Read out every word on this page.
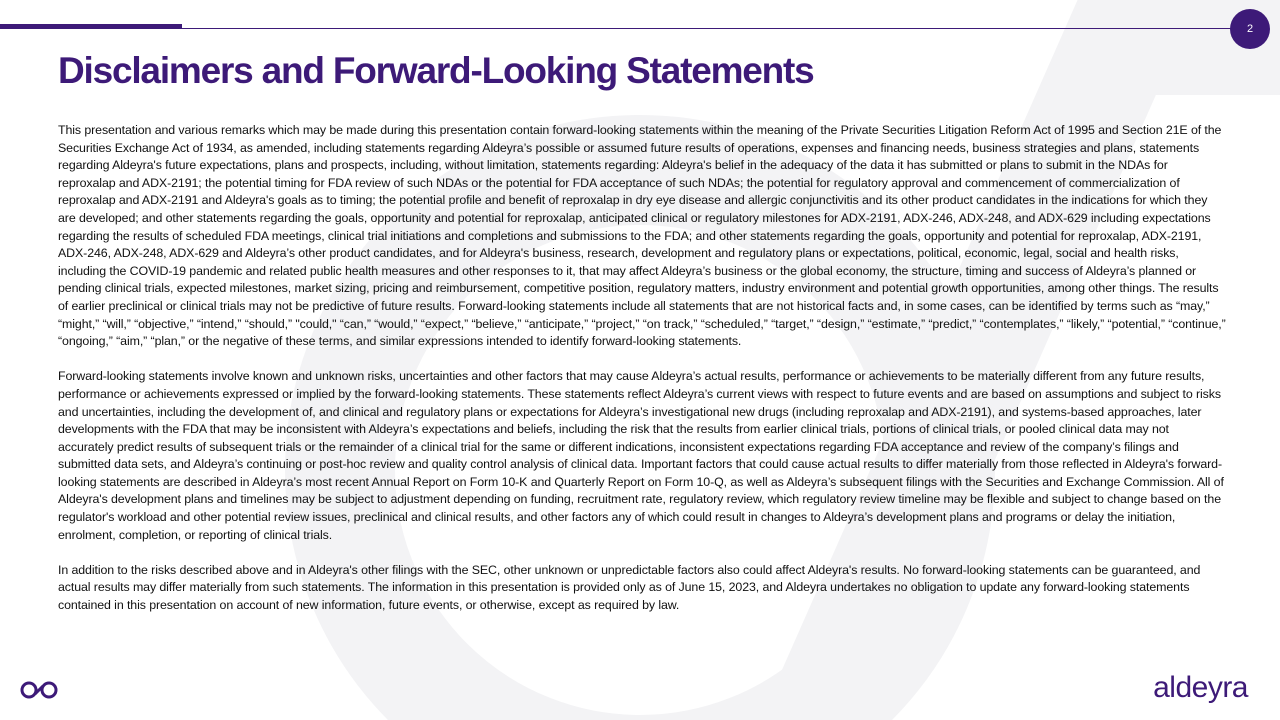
2
Disclaimers and Forward-Looking Statements

This presentation and various remarks which may be made during this presentation contain forward-looking statements within the meaning of the Private Securities Litigation Reform Act of 1995 and Section 21E of the Securities Exchange Act of 1934, as amended, including statements regarding Aldeyra’s possible or assumed future results of operations, expenses and financing needs, business strategies and plans, statements regarding Aldeyra's future expectations, plans and prospects, including, without limitation, statements regarding: Aldeyra's belief in the adequacy of the data it has submitted or plans to submit in the NDAs for reproxalap and ADX-2191; the potential timing for FDA review of such NDAs or the potential for FDA acceptance of such NDAs; the potential for regulatory approval and commencement of commercialization of reproxalap and ADX-2191 and Aldeyra's goals as to timing; the potential profile and benefit of reproxalap in dry eye disease and allergic conjunctivitis and its other product candidates in the indications for which they are developed; and other statements regarding the goals, opportunity and potential for reproxalap, anticipated clinical or regulatory milestones for ADX-2191, ADX-246, ADX-248, and ADX-629 including expectations regarding the results of scheduled FDA meetings, clinical trial initiations and completions and submissions to the FDA; and other statements regarding the goals, opportunity and potential for reproxalap, ADX-2191, ADX-246, ADX-248, ADX-629 and Aldeyra’s other product candidates, and for Aldeyra's business, research, development and regulatory plans or expectations, political, economic, legal, social and health risks, including the COVID-19 pandemic and related public health measures and other responses to it, that may affect Aldeyra’s business or the global economy, the structure, timing and success of Aldeyra’s planned or pending clinical trials, expected milestones, market sizing, pricing and reimbursement, competitive position, regulatory matters, industry environment and potential growth opportunities, among other things. The results of earlier preclinical or clinical trials may not be predictive of future results. Forward-looking statements include all statements that are not historical facts and, in some cases, can be identified by terms such as “may,” “might,” “will,” “objective,” “intend,” “should,” "could," “can,” “would,” “expect,” “believe,” “anticipate,” “project,” “on track,” “scheduled,” “target,” “design,” “estimate,” “predict,” “contemplates,” “likely,” “potential,” “continue,” “ongoing,” “aim,” “plan,” or the negative of these terms, and similar expressions intended to identify forward-looking statements.

Forward-looking statements involve known and unknown risks, uncertainties and other factors that may cause Aldeyra’s actual results, performance or achievements to be materially different from any future results, performance or achievements expressed or implied by the forward-looking statements. These statements reflect Aldeyra’s current views with respect to future events and are based on assumptions and subject to risks and uncertainties, including the development of, and clinical and regulatory plans or expectations for Aldeyra’s investigational new drugs (including reproxalap and ADX-2191), and systems-based approaches, later developments with the FDA that may be inconsistent with Aldeyra’s expectations and beliefs, including the risk that the results from earlier clinical trials, portions of clinical trials, or pooled clinical data may not accurately predict results of subsequent trials or the remainder of a clinical trial for the same or different indications, inconsistent expectations regarding FDA acceptance and review of the company’s filings and submitted data sets, and Aldeyra’s continuing or post-hoc review and quality control analysis of clinical data. Important factors that could cause actual results to differ materially from those reflected in Aldeyra's forward-looking statements are described in Aldeyra’s most recent Annual Report on Form 10-K and Quarterly Report on Form 10-Q, as well as Aldeyra’s subsequent filings with the Securities and Exchange Commission. All of Aldeyra's development plans and timelines may be subject to adjustment depending on funding, recruitment rate, regulatory review, which regulatory review timeline may be flexible and subject to change based on the regulator's workload and other potential review issues, preclinical and clinical results, and other factors any of which could result in changes to Aldeyra’s development plans and programs or delay the initiation, enrolment, completion, or reporting of clinical trials.

In addition to the risks described above and in Aldeyra's other filings with the SEC, other unknown or unpredictable factors also could affect Aldeyra's results. No forward-looking statements can be guaranteed, and actual results may differ materially from such statements. The information in this presentation is provided only as of June 15, 2023, and Aldeyra undertakes no obligation to update any forward-looking statements contained in this presentation on account of new information, future events, or otherwise, except as required by law.

aldeyra
